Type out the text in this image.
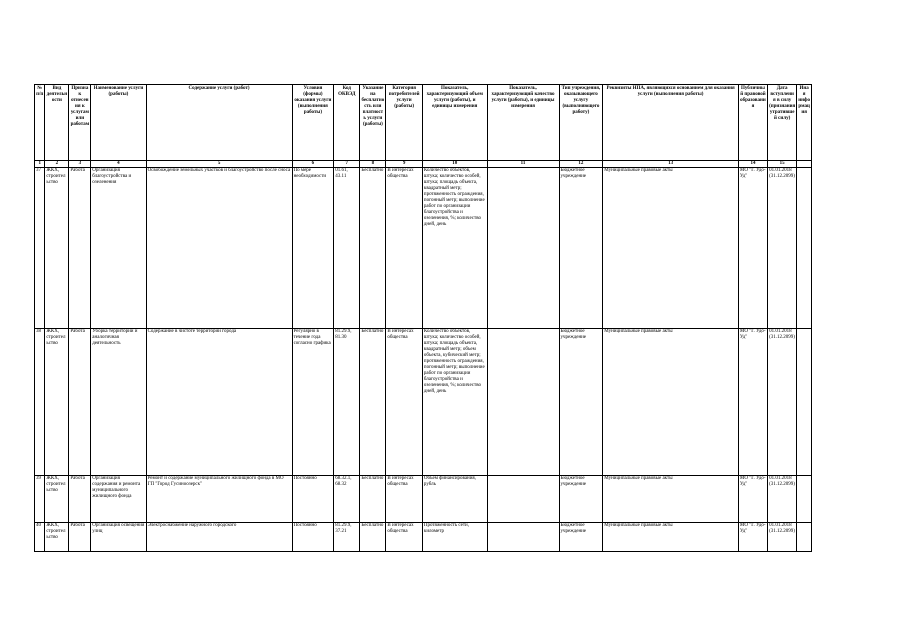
№ п/п	Вид деятельности	Признак отнесения к услугам или работам	Наименование услуги (работы)	Содержание услуги (работ)	Условия (формы) оказания услуги (выполнения работы)	Код ОКВЭД	Указание на бесплатность или платность услуги (работы)	Категория потребителей услуги (работы)	Показатель, характеризующий объем услуги (работы), и единицы измерения	Показатель, характеризующий качество услуги (работы), и единицы измерения	Тип учреждения, оказывающего услугу (выполняющего работу)	Реквизиты НПА, являющихся основанием для оказания услуги (выполнения работы)	Публичный правовой образования	Дата вступления в силу (признания утратившей силу)	Иная информация
1	2	3	4	5	6	7	8	9	10	11	12	13	14	15	
37	ЖКХ, строительство	Работа	Организация благоустройства и озеленения	Освобождение земельных участков и благоустройство после сноса	По мере необходимости	01.61, 43.11	Бесплатно	В интересах общества	Количество объектов, штука; количество особей, штука; площадь объекта, квадратный метр; протяженность ограждения, погонный метр; выполнение работ по организации благоустройства и озеленения, %; количество дней, день		Бюджетное учреждение	Муниципальные правовые акты	МО "Г. Удо-Уд"	01.01.2018
(31.12.2099)	
38	ЖКХ, строительство	Работа	Уборка территории и аналогичная деятельность	Содержание в чистоте территории города	Регулярно в течение года согласно графика	81.29.9, 81.30	Бесплатно	В интересах общества	Количество объектов, штука; количество особей, штука; площадь объекта, квадратный метр; объем объекта, кубический метр; протяженность ограждения, погонный метр; выполнение работ по организации благоустройства и озеленения, %; количество дней, день		Бюджетное учреждение	Муниципальные правовые акты	МО "Г. Удо-Уд"	01.01.2018
(31.12.2099)	
39	ЖКХ, строительство	Работа	Организация содержания и ремонта муниципального жилищного фонда	Ремонт и содержание муниципального жилищного фонда в МО ГП "Город Гусиноозерск"	Постоянно	68.32.1, 68.32	Бесплатно	В интересах общества	Объем финансирования, рубль		Бюджетное учреждение	Муниципальные правовые акты	МО "Г. Удо-Уд"	01.01.2018
(31.12.2099)	
40	ЖКХ, строительство	Работа	Организация освещения улиц	Электроснабжение наружного городского	Постоянно	81.29.9, 37.21	Бесплатно	В интересах общества	Протяженность сети, километр		Бюджетное учреждение	Муниципальные правовые акты	МО "Г. Удо-Уд"	01.01.2018
(31.12.2099)	
